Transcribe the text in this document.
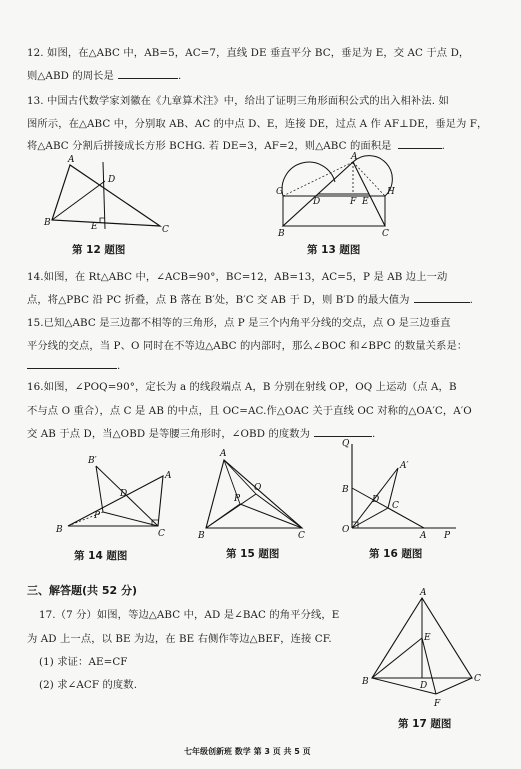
12. 如图，在△ABC 中，AB=5，AC=7，直线 DE 垂直平分 BC，垂足为 E，交 AC 于点 D，
则△ABD 的周长是	.
13. 中国古代数学家刘徽在《九章算术注》中，给出了证明三角形面积公式的出入相补法. 如
图所示，在△ABC 中，分别取 AB、AC 的中点 D、E，连接 DE，过点 A 作 AF⊥DE，垂足为 F，
将△ABC 分割后拼接成长方形 BCHG. 若 DE=3，AF=2，则△ABC 的面积是	.
A
B
C
D
E
第 12 题图
A
B	C
D	E
F
G	H
第 13 题图
14.如图，在 Rt△ABC 中，∠ACB=90°，BC=12，AB=13，AC=5，P 是 AB 边上一动
点，将△PBC 沿 PC 折叠，点 B 落在 B′处，B′C 交 AB 于 D，则 B′D 的最大值为	.
15.已知△ABC 是三边都不相等的三角形，点 P 是三个内角平分线的交点，点 O 是三边垂直
平分线的交点，当 P、O 同时在不等边△ABC 的内部时，那么∠BOC 和∠BPC 的数量关系是：
.
16.如图，∠POQ=90°，定长为 a 的线段端点 A，B 分别在射线 OP，OQ 上运动（点 A，B
不与点 O 重合），点 C 是 AB 的中点，且 OC=AC.作△OAC 关于直线 OC 对称的△OA′C，A′O
交 AB 于点 D，当△OBD 是等腰三角形时，∠OBD 的度数为	.
B′
A
D
P
B	C
第 14 题图
A
P
O
B	C
第 15 题图
Q
B
A′
D
C
O
A P
第 16 题图
三、解答题(共 52 分)
17.（7 分）如图，等边△ABC 中，AD 是∠BAC 的角平分线，E
为 AD 上一点，以 BE 为边，在 BE 右侧作等边△BEF，连接 CF.
(1) 求证：AE=CF
(2) 求∠ACF 的度数.
A
E
B	C
D
F
第 17 题图
七年级创新班 数学 第 3 页 共 5 页
